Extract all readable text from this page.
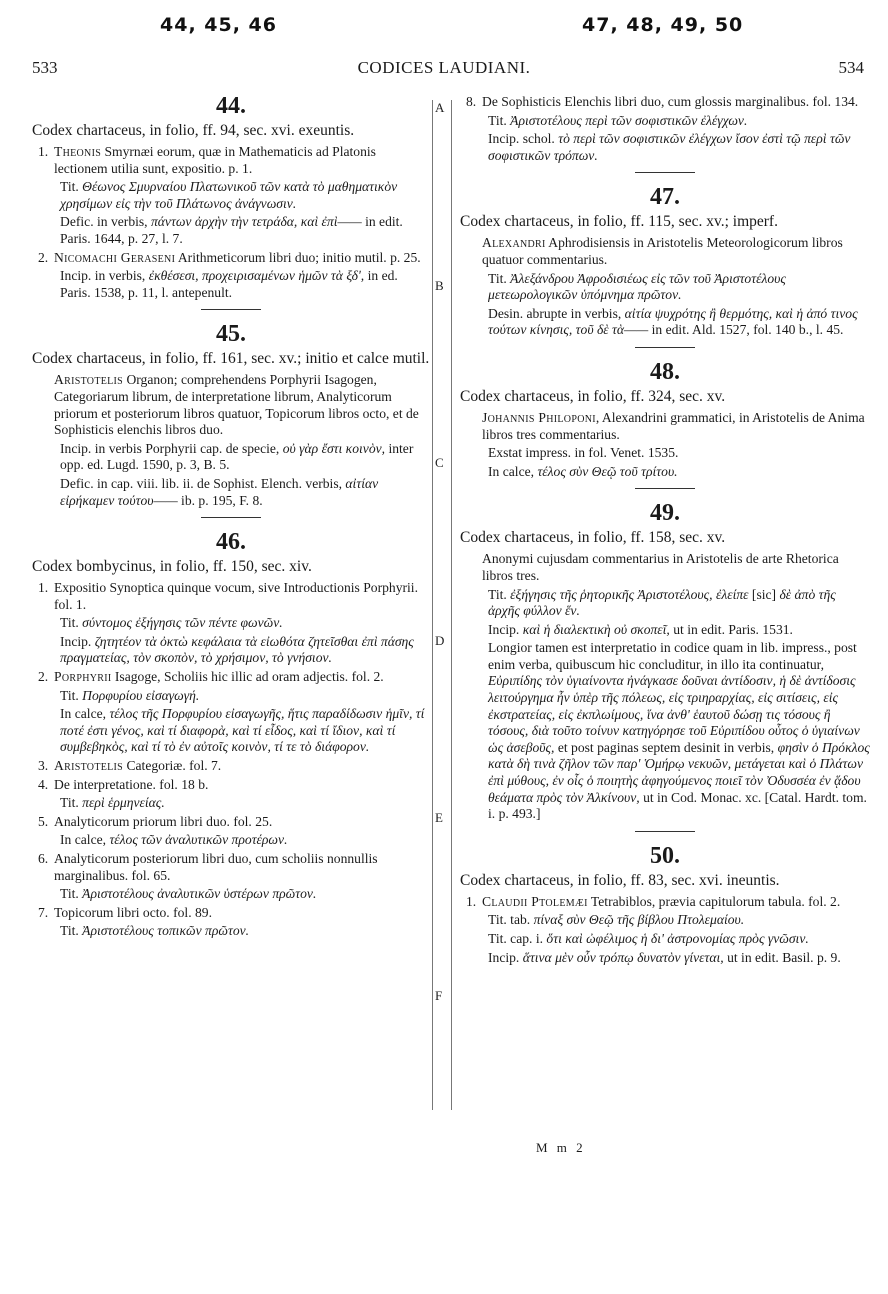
44, 45, 46	47, 48, 49, 50
CODICES LAUDIANI.
533	534
A
B
C
D
E
F
44.
Codex chartaceus, in folio, ff. 94, sec. xvi. exeuntis.
1. Theonis Smyrnæi eorum, quæ in Mathematicis ad Platonis lectionem utilia sunt, expositio. p. 1.
Tit. Θέωνος Σμυρναίου Πλατωνικοῦ τῶν κατὰ τὸ μαθηματικὸν χρησίμων εἰς τὴν τοῦ Πλάτωνος ἀνάγνωσιν.
Defic. in verbis, πάντων ἀρχὴν τὴν τετράδα, καὶ ἐπὶ—— in edit. Paris. 1644, p. 27, l. 7.
2. Nicomachi Geraseni Arithmeticorum libri duo; initio mutil. p. 25.
Incip. in verbis, ἐκθέσεσι, προχειρισαμένων ἡμῶν τὰ ξδʹ, in ed. Paris. 1538, p. 11, l. antepenult.
45.
Codex chartaceus, in folio, ff. 161, sec. xv.; initio et calce mutil.
Aristotelis Organon; comprehendens Porphyrii Isagogen, Categoriarum librum, de interpretatione librum, Analyticorum priorum et posteriorum libros quatuor, Topicorum libros octo, et de Sophisticis elenchis libros duo.
Incip. in verbis Porphyrii cap. de specie, οὐ γὰρ ἔστι κοινὸν, inter opp. ed. Lugd. 1590, p. 3, B. 5.
Defic. in cap. viii. lib. ii. de Sophist. Elench. verbis, αἰτίαν εἰρήκαμεν τούτου—— ib. p. 195, F. 8.
46.
Codex bombycinus, in folio, ff. 150, sec. xiv.
1. Expositio Synoptica quinque vocum, sive Introductionis Porphyrii. fol. 1.
Tit. σύντομος ἐξήγησις τῶν πέντε φωνῶν.
Incip. ζητητέον τὰ ὀκτὼ κεφάλαια τὰ εἰωθότα ζητεῖσθαι ἐπὶ πάσης πραγματείας, τὸν σκοπὸν, τὸ χρήσιμον, τὸ γνήσιον.
2. Porphyrii Isagoge, Scholiis hic illic ad oram adjectis. fol. 2.
Tit. Πορφυρίου εἰσαγωγή.
In calce, τέλος τῆς Πορφυρίου εἰσαγωγῆς, ἥτις παραδίδωσιν ἡμῖν, τί ποτέ ἐστι γένος, καὶ τί διαφορὰ, καὶ τί εἶδος, καὶ τί ἴδιον, καὶ τί συμβεβηκὸς, καὶ τί τὸ ἐν αὐτοῖς κοινὸν, τί τε τὸ διάφορον.
3. Aristotelis Categoriæ. fol. 7.
4. De interpretatione. fol. 18 b.
Tit. περὶ ἑρμηνείας.
5. Analyticorum priorum libri duo. fol. 25.
In calce, τέλος τῶν ἀναλυτικῶν προτέρων.
6. Analyticorum posteriorum libri duo, cum scholiis nonnullis marginalibus. fol. 65.
Tit. Ἀριστοτέλους ἀναλυτικῶν ὑστέρων πρῶτον.
7. Topicorum libri octo. fol. 89.
Tit. Ἀριστοτέλους τοπικῶν πρῶτον.
8. De Sophisticis Elenchis libri duo, cum glossis marginalibus. fol. 134.
Tit. Ἀριστοτέλους περὶ τῶν σοφιστικῶν ἐλέγχων.
Incip. schol. τὸ περὶ τῶν σοφιστικῶν ἐλέγχων ἴσον ἐστὶ τῷ περὶ τῶν σοφιστικῶν τρόπων.
47.
Codex chartaceus, in folio, ff. 115, sec. xv.; imperf.
Alexandri Aphrodisiensis in Aristotelis Meteorologicorum libros quatuor commentarius.
Tit. Ἀλεξάνδρου Ἀφροδισιέως εἰς τῶν τοῦ Ἀριστοτέλους μετεωρολογικῶν ὑπόμνημα πρῶτον.
Desin. abrupte in verbis, αἰτία ψυχρότης ἢ θερμότης, καὶ ἡ ἀπό τινος τούτων κίνησις, τοῦ δὲ τὰ—— in edit. Ald. 1527, fol. 140 b., l. 45.
48.
Codex chartaceus, in folio, ff. 324, sec. xv.
Johannis Philoponi, Alexandrini grammatici, in Aristotelis de Anima libros tres commentarius.
Exstat impress. in fol. Venet. 1535.
In calce, τέλος σὺν Θεῷ τοῦ τρίτου.
49.
Codex chartaceus, in folio, ff. 158, sec. xv.
Anonymi cujusdam commentarius in Aristotelis de arte Rhetorica libros tres.
Tit. ἐξήγησις τῆς ῥητορικῆς Ἀριστοτέλους, ἐλείπε [sic] δὲ ἀπὸ τῆς ἀρχῆς φύλλον ἕν.
Incip. καὶ ἡ διαλεκτικὴ οὐ σκοπεῖ, ut in edit. Paris. 1531.
Longior tamen est interpretatio in codice quam in lib. impress., post enim verba, quibuscum hic concluditur, in illo ita continuatur, Εὐριπίδης τὸν ὑγιαίνοντα ἠνάγκασε δοῦναι ἀντίδοσιν, ἡ δὲ ἀντίδοσις λειτούργημα ἦν ὑπὲρ τῆς πόλεως, εἰς τριηραρχίας, εἰς σιτίσεις, εἰς ἐκστρατείας, εἰς ἐκπλωίμους, ἵνα ἀνθ' ἑαυτοῦ δώσῃ τις τόσους ἢ τόσους, διὰ τοῦτο τοίνυν κατηγόρησε τοῦ Εὐριπίδου οὗτος ὁ ὑγιαίνων ὡς ἀσεβοῦς, et post paginas septem desinit in verbis, φησὶν ὁ Πρόκλος κατὰ δὴ τινὰ ζῆλον τῶν παρ' Ὁμήρῳ νεκυῶν, μετάγεται καὶ ὁ Πλάτων ἐπὶ μύθους, ἐν οἷς ὁ ποιητὴς ἀφηγούμενος ποιεῖ τὸν Ὀδυσσέα ἐν ᾅδου θεάματα πρὸς τὸν Ἀλκίνουν, ut in Cod. Monac. xc. [Catal. Hardt. tom. i. p. 493.]
50.
Codex chartaceus, in folio, ff. 83, sec. xvi. ineuntis.
1. Claudii Ptolemæi Tetrabiblos, prævia capitulorum tabula. fol. 2.
Tit. tab. πίναξ σὺν Θεῷ τῆς βίβλου Πτολεμαίου.
Tit. cap. i. ὅτι καὶ ὠφέλιμος ἡ δι' ἀστρονομίας πρὸς γνῶσιν.
Incip. ἅτινα μὲν οὖν τρόπῳ δυνατὸν γίνεται, ut in edit. Basil. p. 9.
M m 2
